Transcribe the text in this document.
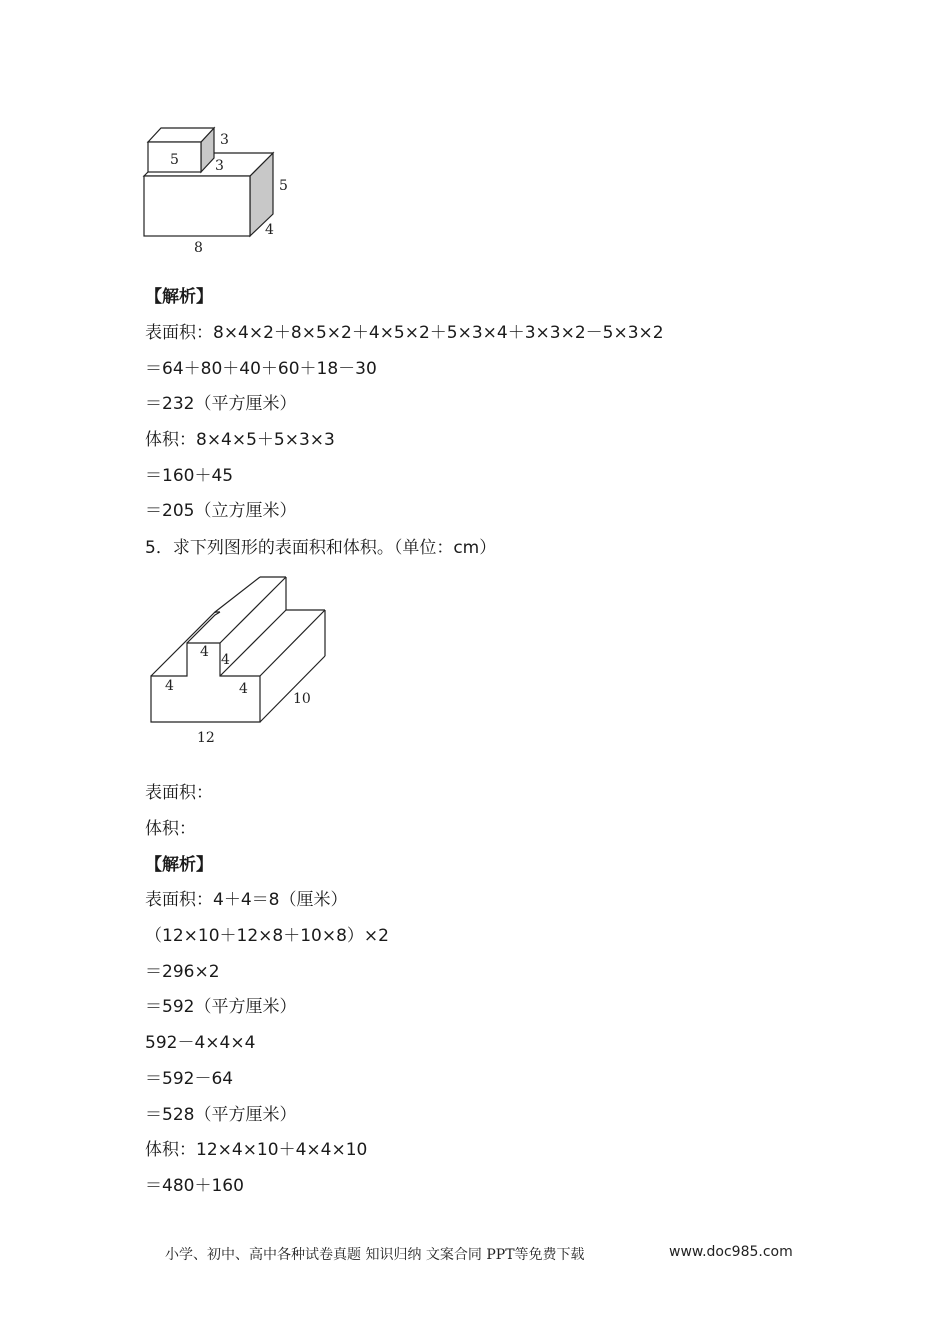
5
3
3
5
4
8
【解析】
表面积：8×4×2＋8×5×2＋4×5×2＋5×3×4＋3×3×2－5×3×2
＝64＋80＋40＋60＋18－30
＝232（平方厘米）
体积：8×4×5＋5×3×3
＝160＋45
＝205（立方厘米）
5．求下列图形的表面积和体积。（单位：cm）
4 4
4	4
10
12
表面积：
体积：
【解析】
表面积：4＋4＝8（厘米）
（12×10＋12×8＋10×8）×2
＝296×2
＝592（平方厘米）
592－4×4×4
＝592－64
＝528（平方厘米）
体积：12×4×10＋4×4×10
＝480＋160
小学、初中、高中各种试卷真题 知识归纳 文案合同 PPT等免费下载	www.doc985.com
